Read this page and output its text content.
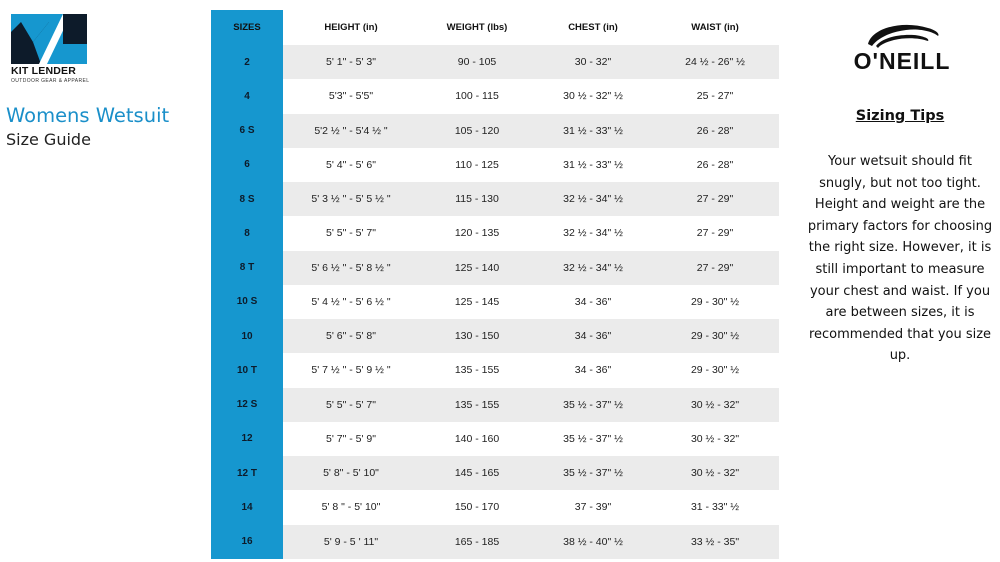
KIT LENDER
OUTDOOR GEAR & APPAREL
Womens Wetsuit
Size Guide
SIZES	HEIGHT (in)	WEIGHT (lbs)	CHEST (in)	WAIST (in)
2	5' 1" - 5' 3"	90 - 105	30 - 32"	24 ½ - 26" ½
4	5'3" - 5'5"	100 - 115	30 ½ - 32" ½	25 - 27"
6 S	5'2 ½ " - 5'4 ½ "	105 - 120	31 ½ - 33" ½	26 - 28"
6	5' 4" - 5' 6"	110 - 125	31 ½ - 33" ½	26 - 28"
8 S	5' 3 ½ " - 5' 5 ½ "	115 - 130	32 ½ - 34" ½	27 - 29"
8	5' 5" - 5' 7"	120 - 135	32 ½ - 34" ½	27 - 29"
8 T	5' 6 ½ " - 5' 8 ½ "	125 - 140	32 ½ - 34" ½	27 - 29"
10 S	5' 4 ½ " - 5' 6 ½ "	125 - 145	34 - 36"	29 - 30" ½
10	5' 6" - 5' 8"	130 - 150	34 - 36"	29 - 30" ½
10 T	5' 7 ½ " - 5' 9 ½ "	135 - 155	34 - 36"	29 - 30" ½
12 S	5' 5" - 5' 7"	135 - 155	35 ½ - 37" ½	30 ½ - 32"
12	5' 7" - 5' 9"	140 - 160	35 ½ - 37" ½	30 ½ - 32"
12 T	5' 8" - 5' 10"	145 - 165	35 ½ - 37" ½	30 ½ - 32"
14	5' 8 " - 5' 10"	150 - 170	37 - 39"	31 - 33" ½
16	5' 9 - 5 ' 11"	165 - 185	38 ½ - 40" ½	33 ½ - 35"
O'NEILL
Sizing Tips
Your wetsuit should fit snugly, but not too tight. Height and weight are the primary factors for choosing the right size. However, it is still important to measure your chest and waist. If you are between sizes, it is recommended that you size up.
